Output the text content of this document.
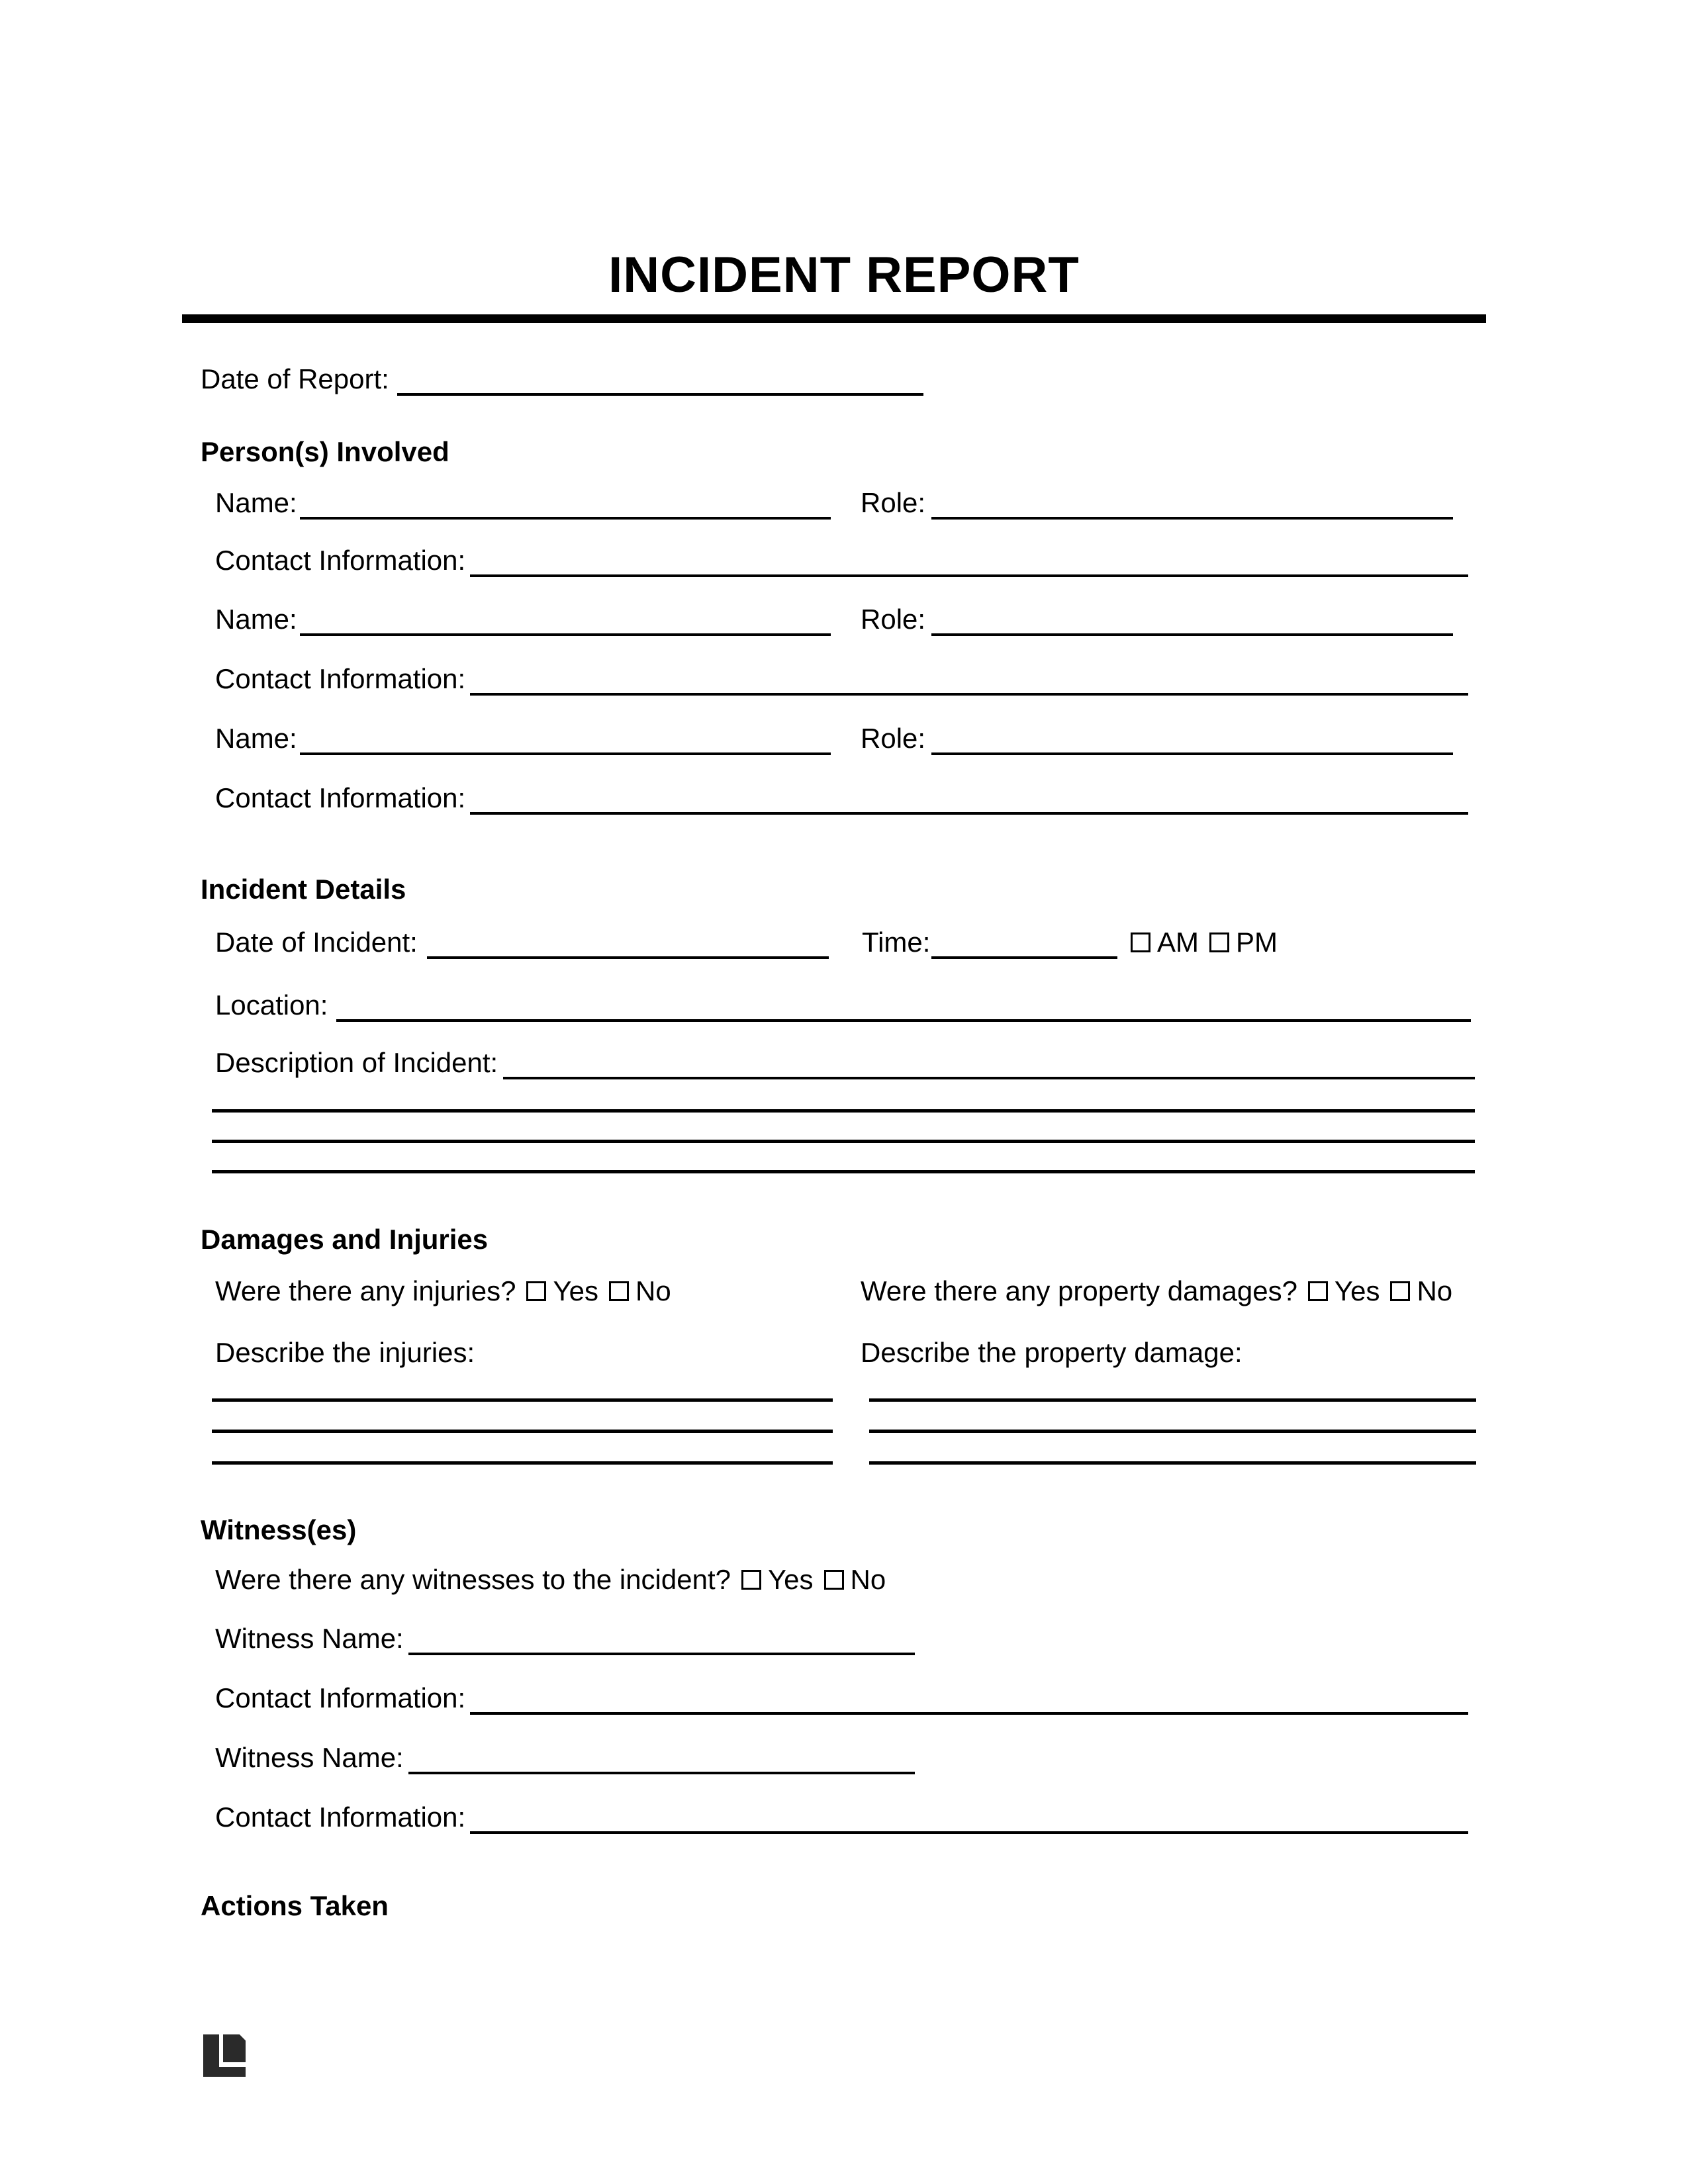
INCIDENT REPORT
Date of Report:
Person(s) Involved
Name:	Role:
Contact Information:
Name:	Role:
Contact Information:
Name:	Role:
Contact Information:
Incident Details
Date of Incident:	Time:	AM PM
Location:
Description of Incident:
Damages and Injuries
Were there any injuries? Yes No	Were there any property damages? Yes No
Describe the injuries:	Describe the property damage:
Witness(es)
Were there any witnesses to the incident? Yes No
Witness Name:
Contact Information:
Witness Name:
Contact Information:
Actions Taken
